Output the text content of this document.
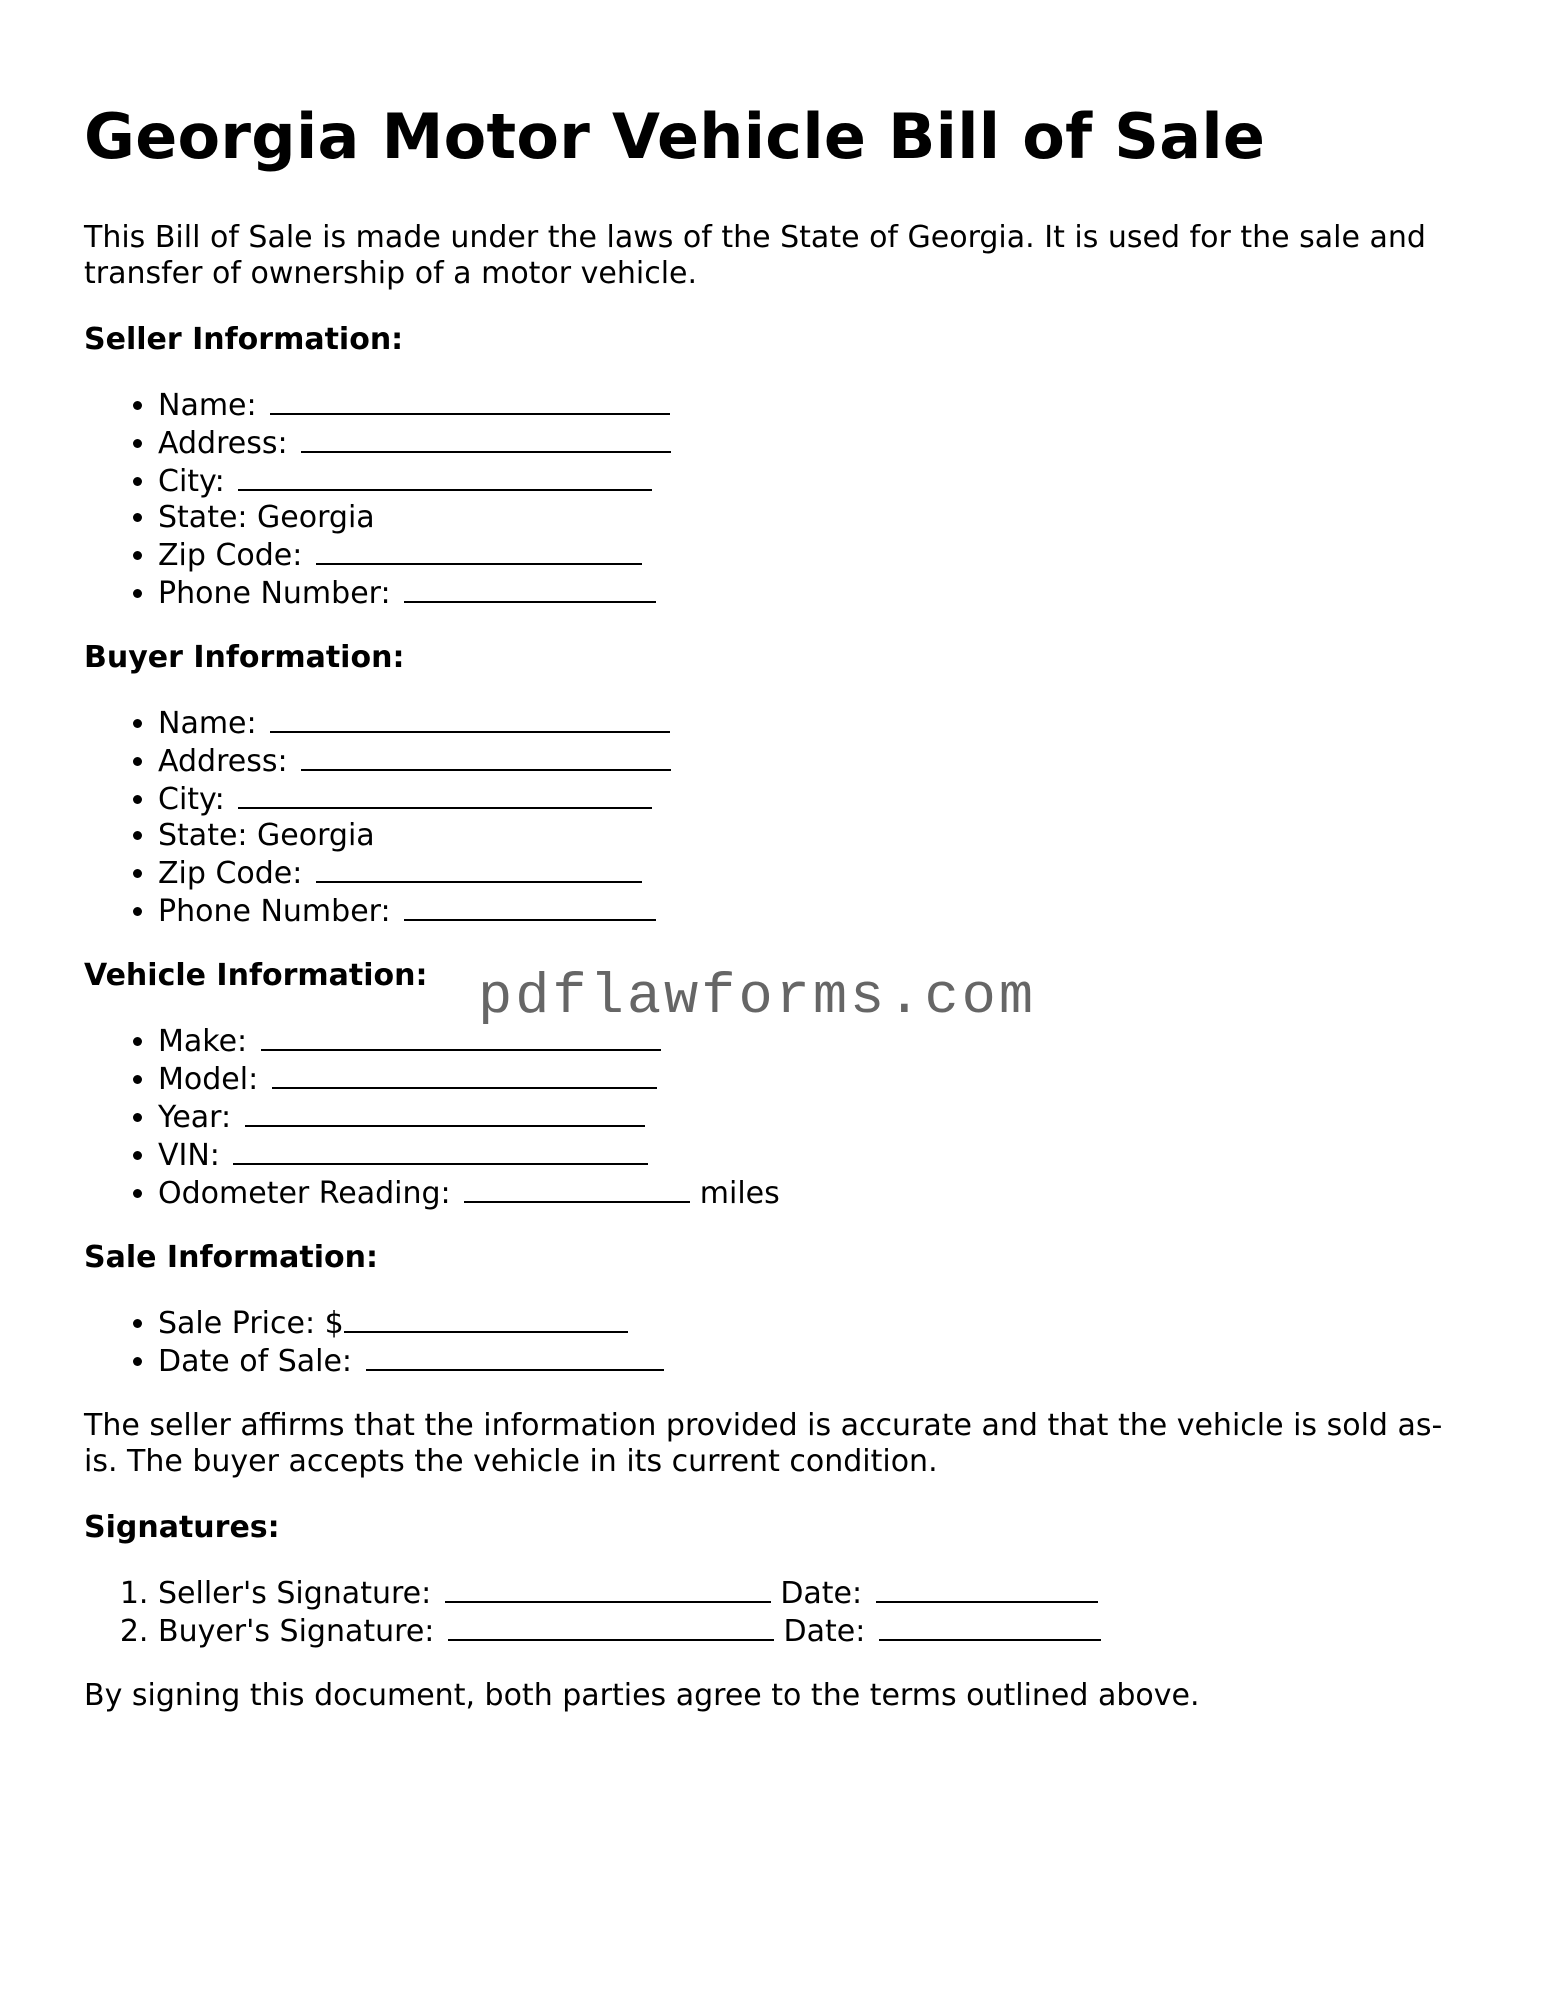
Georgia Motor Vehicle Bill of Sale

This Bill of Sale is made under the laws of the State of Georgia. It is used for the sale and transfer of ownership of a motor vehicle.

Seller Information:
• Name:
• Address:
• City:
• State: Georgia
• Zip Code:
• Phone Number:
Buyer Information:
• Name:
• Address:
• City:
• State: Georgia
• Zip Code:
• Phone Number:
Vehicle Information:
• Make:
• Model:
• Year:
• VIN:
• Odometer Reading:	miles
Sale Information:
• Sale Price: $
• Date of Sale:

The seller affirms that the information provided is accurate and that the vehicle is sold as-is. The buyer accepts the vehicle in its current condition.

Signatures:
1. Seller's Signature:	Date:
2. Buyer's Signature:	Date:

By signing this document, both parties agree to the terms outlined above.

pdflawforms.com
